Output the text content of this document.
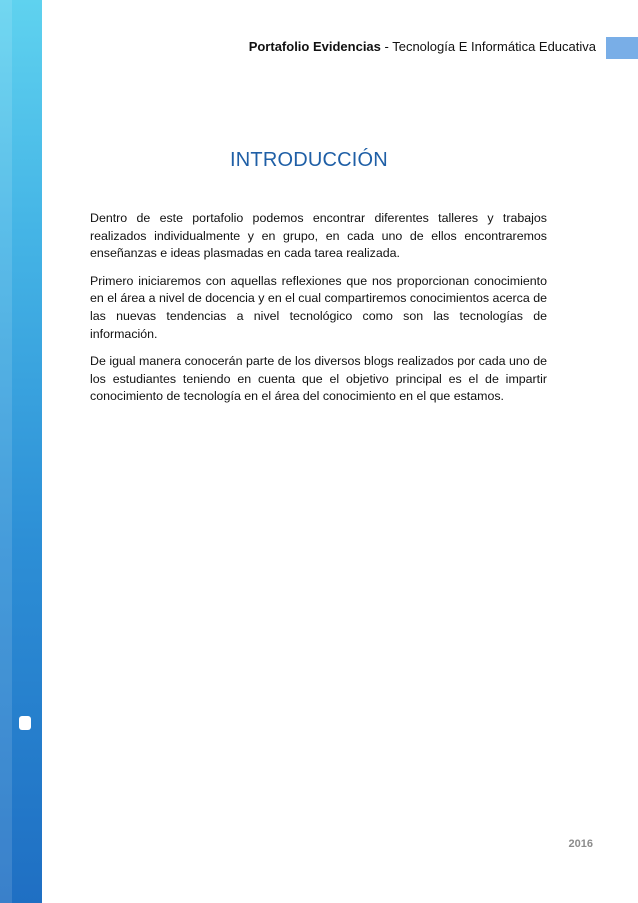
Portafolio Evidencias - Tecnología E Informática Educativa
INTRODUCCIÓN

Dentro de este portafolio podemos encontrar diferentes talleres y trabajos realizados individualmente y en grupo, en cada uno de ellos encontraremos enseñanzas e ideas plasmadas en cada tarea realizada.

Primero iniciaremos con aquellas reflexiones que nos proporcionan conocimiento en el área a nivel de docencia y en el cual compartiremos conocimientos acerca de las nuevas tendencias a nivel tecnológico como son las tecnologías de información.

De igual manera conocerán parte de los diversos blogs realizados por cada uno de los estudiantes teniendo en cuenta que el objetivo principal es el de impartir conocimiento de tecnología en el área del conocimiento en el que estamos.

2016
